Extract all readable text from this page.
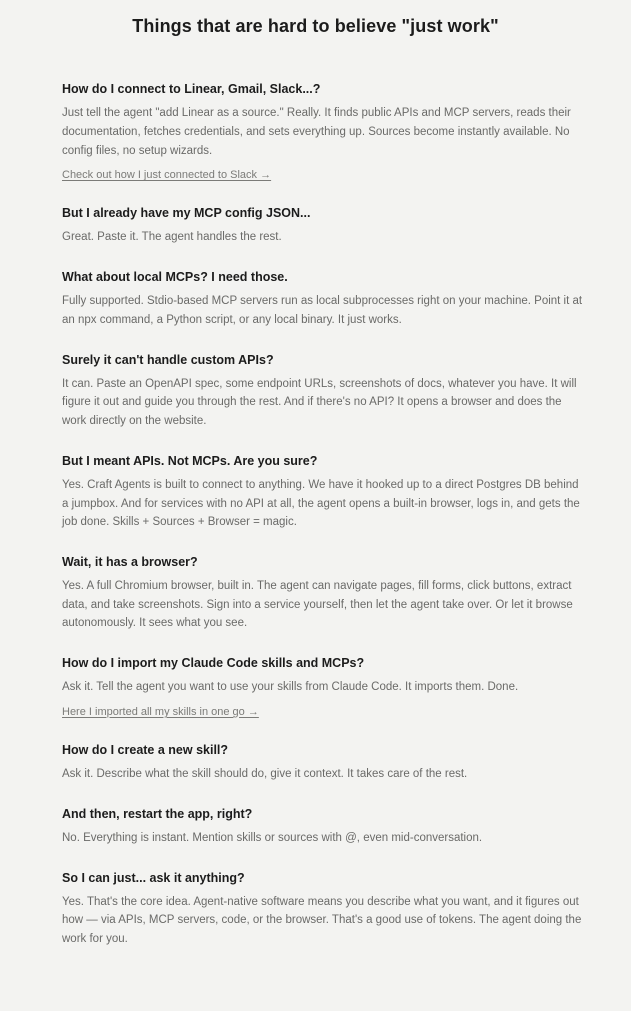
Things that are hard to believe "just work"

How do I connect to Linear, Gmail, Slack...?

Just tell the agent "add Linear as a source." Really. It finds public APIs and MCP servers, reads their documentation, fetches credentials, and sets everything up. Sources become instantly available. No config files, no setup wizards.

Check out how I just connected to Slack →

But I already have my MCP config JSON...

Great. Paste it. The agent handles the rest.

What about local MCPs? I need those.

Fully supported. Stdio-based MCP servers run as local subprocesses right on your machine. Point it at an npx command, a Python script, or any local binary. It just works.

Surely it can't handle custom APIs?

It can. Paste an OpenAPI spec, some endpoint URLs, screenshots of docs, whatever you have. It will figure it out and guide you through the rest. And if there's no API? It opens a browser and does the work directly on the website.

But I meant APIs. Not MCPs. Are you sure?

Yes. Craft Agents is built to connect to anything. We have it hooked up to a direct Postgres DB behind a jumpbox. And for services with no API at all, the agent opens a built-in browser, logs in, and gets the job done. Skills + Sources + Browser = magic.

Wait, it has a browser?

Yes. A full Chromium browser, built in. The agent can navigate pages, fill forms, click buttons, extract data, and take screenshots. Sign into a service yourself, then let the agent take over. Or let it browse autonomously. It sees what you see.

How do I import my Claude Code skills and MCPs?

Ask it. Tell the agent you want to use your skills from Claude Code. It imports them. Done.

Here I imported all my skills in one go →

How do I create a new skill?

Ask it. Describe what the skill should do, give it context. It takes care of the rest.

And then, restart the app, right?

No. Everything is instant. Mention skills or sources with @, even mid-conversation.

So I can just... ask it anything?

Yes. That's the core idea. Agent-native software means you describe what you want, and it figures out how — via APIs, MCP servers, code, or the browser. That's a good use of tokens. The agent doing the work for you.
